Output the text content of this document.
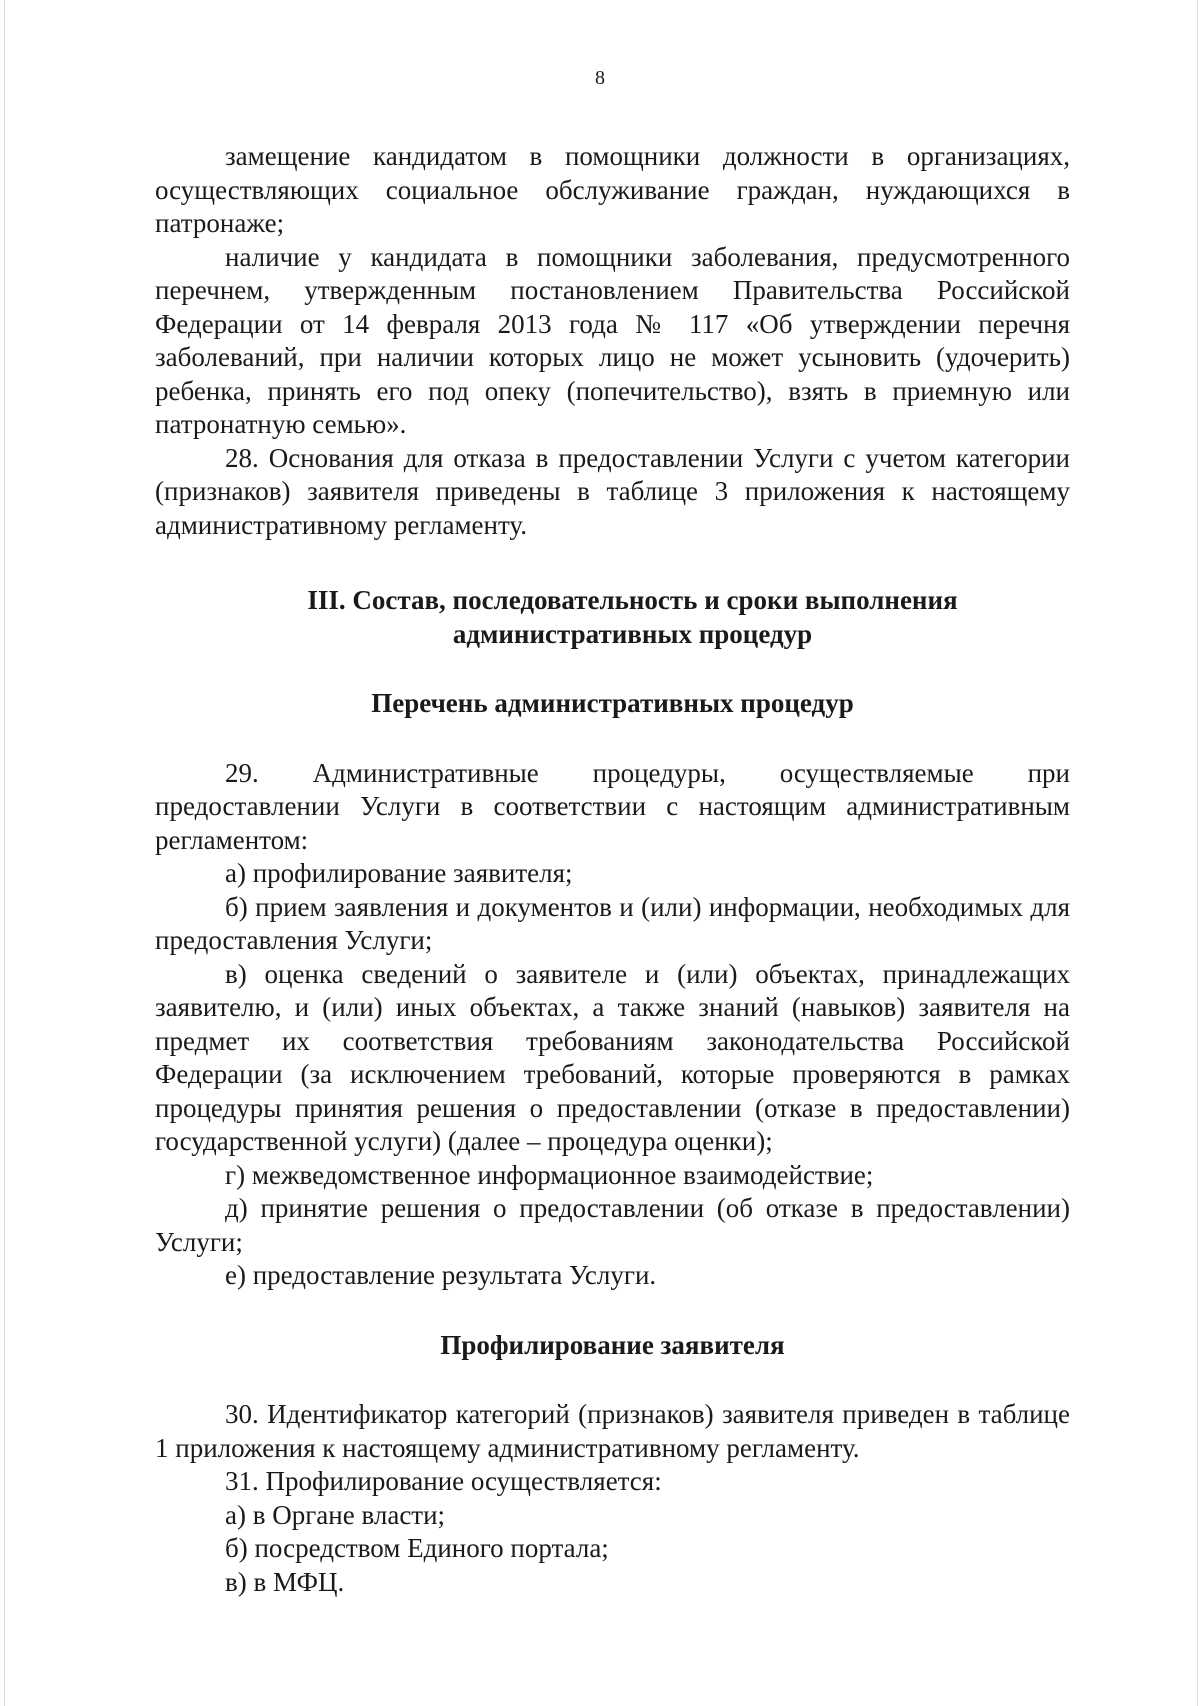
8

замещение кандидатом в помощники должности в организациях, осуществляющих социальное обслуживание граждан, нуждающихся в патронаже;

наличие у кандидата в помощники заболевания, предусмотренного перечнем, утвержденным постановлением Правительства Российской Федерации от 14 февраля 2013 года № 117 «Об утверждении перечня заболеваний, при наличии которых лицо не может усыновить (удочерить) ребенка, принять его под опеку (попечительство), взять в приемную или патронатную семью».

28. Основания для отказа в предоставлении Услуги с учетом категории (признаков) заявителя приведены в таблице 3 приложения к настоящему административному регламенту.

III. Состав, последовательность и сроки выполнения
административных процедур
Перечень административных процедур

29. Административные процедуры, осуществляемые при предоставлении Услуги в соответствии с настоящим административным регламентом:

а) профилирование заявителя;

б) прием заявления и документов и (или) информации, необходимых для предоставления Услуги;

в) оценка сведений о заявителе и (или) объектах, принадлежащих заявителю, и (или) иных объектах, а также знаний (навыков) заявителя на предмет их соответствия требованиям законодательства Российской Федерации (за исключением требований, которые проверяются в рамках процедуры принятия решения о предоставлении (отказе в предоставлении) государственной услуги) (далее – процедура оценки);

г) межведомственное информационное взаимодействие;

д) принятие решения о предоставлении (об отказе в предоставлении) Услуги;

е) предоставление результата Услуги.

Профилирование заявителя

30. Идентификатор категорий (признаков) заявителя приведен в таблице 1 приложения к настоящему административному регламенту.

31. Профилирование осуществляется:

а) в Органе власти;

б) посредством Единого портала;

в) в МФЦ.
